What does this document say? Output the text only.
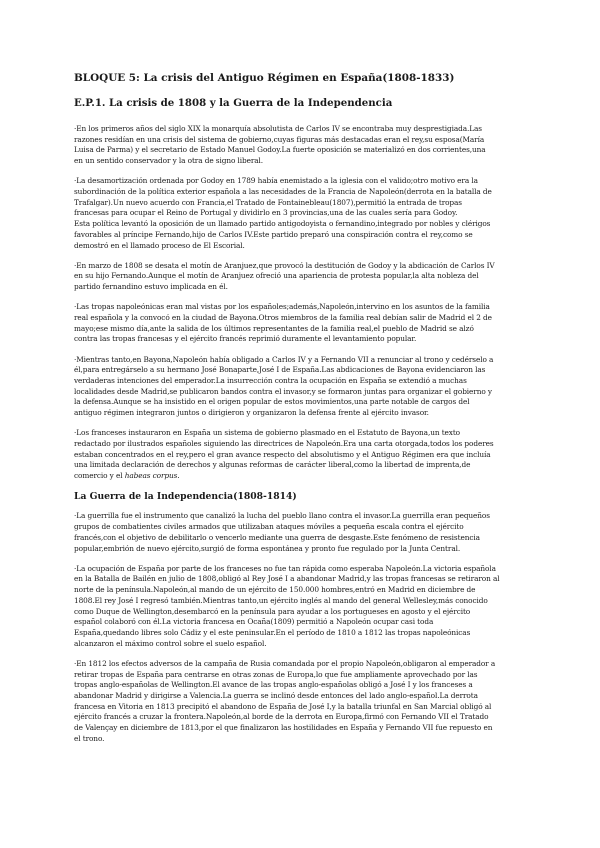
BLOQUE 5: La crisis del Antiguo Régimen en España(1808-1833)
E.P.1. La crisis de 1808 y la Guerra de la Independencia
·En los primeros años del siglo XIX la monarquía absolutista de Carlos IV se encontraba muy desprestigiada.Las
razones residían en una crisis del sistema de gobierno,cuyas figuras más destacadas eran el rey,su esposa(María
Luisa de Parma) y el secretario de Estado Manuel Godoy.La fuerte oposición se materializó en dos corrientes,una
en un sentido conservador y la otra de signo liberal.
·La desamortización ordenada por Godoy en 1789 había enemistado a la iglesia con el valido;otro motivo era la
subordinación de la política exterior española a las necesidades de la Francia de Napoleón(derrota en la batalla de
Trafalgar).Un nuevo acuerdo con Francia,el Tratado de Fontainebleau(1807),permitió la entrada de tropas
francesas para ocupar el Reino de Portugal y dividirlo en 3 provincias,una de las cuales sería para Godoy.
Esta política levantó la oposición de un llamado partido antigodoyista o fernandino,integrado por nobles y clérigos
favorables al príncipe Fernando,hijo de Carlos IV.Este partido preparó una conspiración contra el rey,como se
demostró en el llamado proceso de El Escorial.
·En marzo de 1808 se desata el motín de Aranjuez,que provocó la destitución de Godoy y la abdicación de Carlos IV
en su hijo Fernando.Aunque el motín de Aranjuez ofreció una apariencia de protesta popular,la alta nobleza del
partido fernandino estuvo implicada en él.
·Las tropas napoleónicas eran mal vistas por los españoles;además,Napoleón,intervino en los asuntos de la familia
real española y la convocó en la ciudad de Bayona.Otros miembros de la familia real debían salir de Madrid el 2 de
mayo;ese mismo día,ante la salida de los últimos representantes de la familia real,el pueblo de Madrid se alzó
contra las tropas francesas y el ejército francés reprimió duramente el levantamiento popular.
·Mientras tanto,en Bayona,Napoleón había obligado a Carlos IV y a Fernando VII a renunciar al trono y cedérselo a
él,para entregárselo a su hermano José Bonaparte,José I de España.Las abdicaciones de Bayona evidenciaron las
verdaderas intenciones del emperador.La insurrección contra la ocupación en España se extendió a muchas
localidades desde Madrid,se publicaron bandos contra el invasor,y se formaron juntas para organizar el gobierno y
la defensa.Aunque se ha insistido en el origen popular de estos movimientos,una parte notable de cargos del
antiguo régimen integraron juntos o dirigieron y organizaron la defensa frente al ejército invasor.
·Los franceses instauraron en España un sistema de gobierno plasmado en el Estatuto de Bayona,un texto
redactado por ilustrados españoles siguiendo las directrices de Napoleón.Era una carta otorgada,todos los poderes
estaban concentrados en el rey,pero el gran avance respecto del absolutismo y el Antiguo Régimen era que incluía
una limitada declaración de derechos y algunas reformas de carácter liberal,como la libertad de imprenta,de
comercio y el habeas corpus.
La Guerra de la Independencia(1808-1814)
·La guerrilla fue el instrumento que canalizó la lucha del pueblo llano contra el invasor.La guerrilla eran pequeños
grupos de combatientes civiles armados que utilizaban ataques móviles a pequeña escala contra el ejército
francés,con el objetivo de debilitarlo o vencerlo mediante una guerra de desgaste.Este fenómeno de resistencia
popular,embrión de nuevo ejército,surgió de forma espontánea y pronto fue regulado por la Junta Central.
·La ocupación de España por parte de los franceses no fue tan rápida como esperaba Napoleón.La victoria española
en la Batalla de Bailén en julio de 1808,obligó al Rey José I a abandonar Madrid,y las tropas francesas se retiraron al
norte de la península.Napoleón,al mando de un ejército de 150.000 hombres,entró en Madrid en diciembre de
1808.El rey José I regresó también.Mientras tanto,un ejército inglés al mando del general Wellesley,más conocido
como Duque de Wellington,desembarcó en la península para ayudar a los portugueses en agosto y el ejército
español colaboró con él.La victoria francesa en Ocaña(1809) permitió a Napoleón ocupar casi toda
España,quedando libres solo Cádiz y el este peninsular.En el período de 1810 a 1812 las tropas napoleónicas
alcanzaron el máximo control sobre el suelo español.
·En 1812 los efectos adversos de la campaña de Rusia comandada por el propio Napoleón,obligaron al emperador a
retirar tropas de España para centrarse en otras zonas de Europa,lo que fue ampliamente aprovechado por las
tropas anglo-españolas de Wellington.El avance de las tropas anglo-españolas obligó a José I y los franceses a
abandonar Madrid y dirigirse a Valencia.La guerra se inclinó desde entonces del lado anglo-español.La derrota
francesa en Vitoria en 1813 precipitó el abandono de España de José I,y la batalla triunfal en San Marcial obligó al
ejército francés a cruzar la frontera.Napoleón,al borde de la derrota en Europa,firmó con Fernando VII el Tratado
de Valençay en diciembre de 1813,por el que finalizaron las hostilidades en España y Fernando VII fue repuesto en
el trono.
